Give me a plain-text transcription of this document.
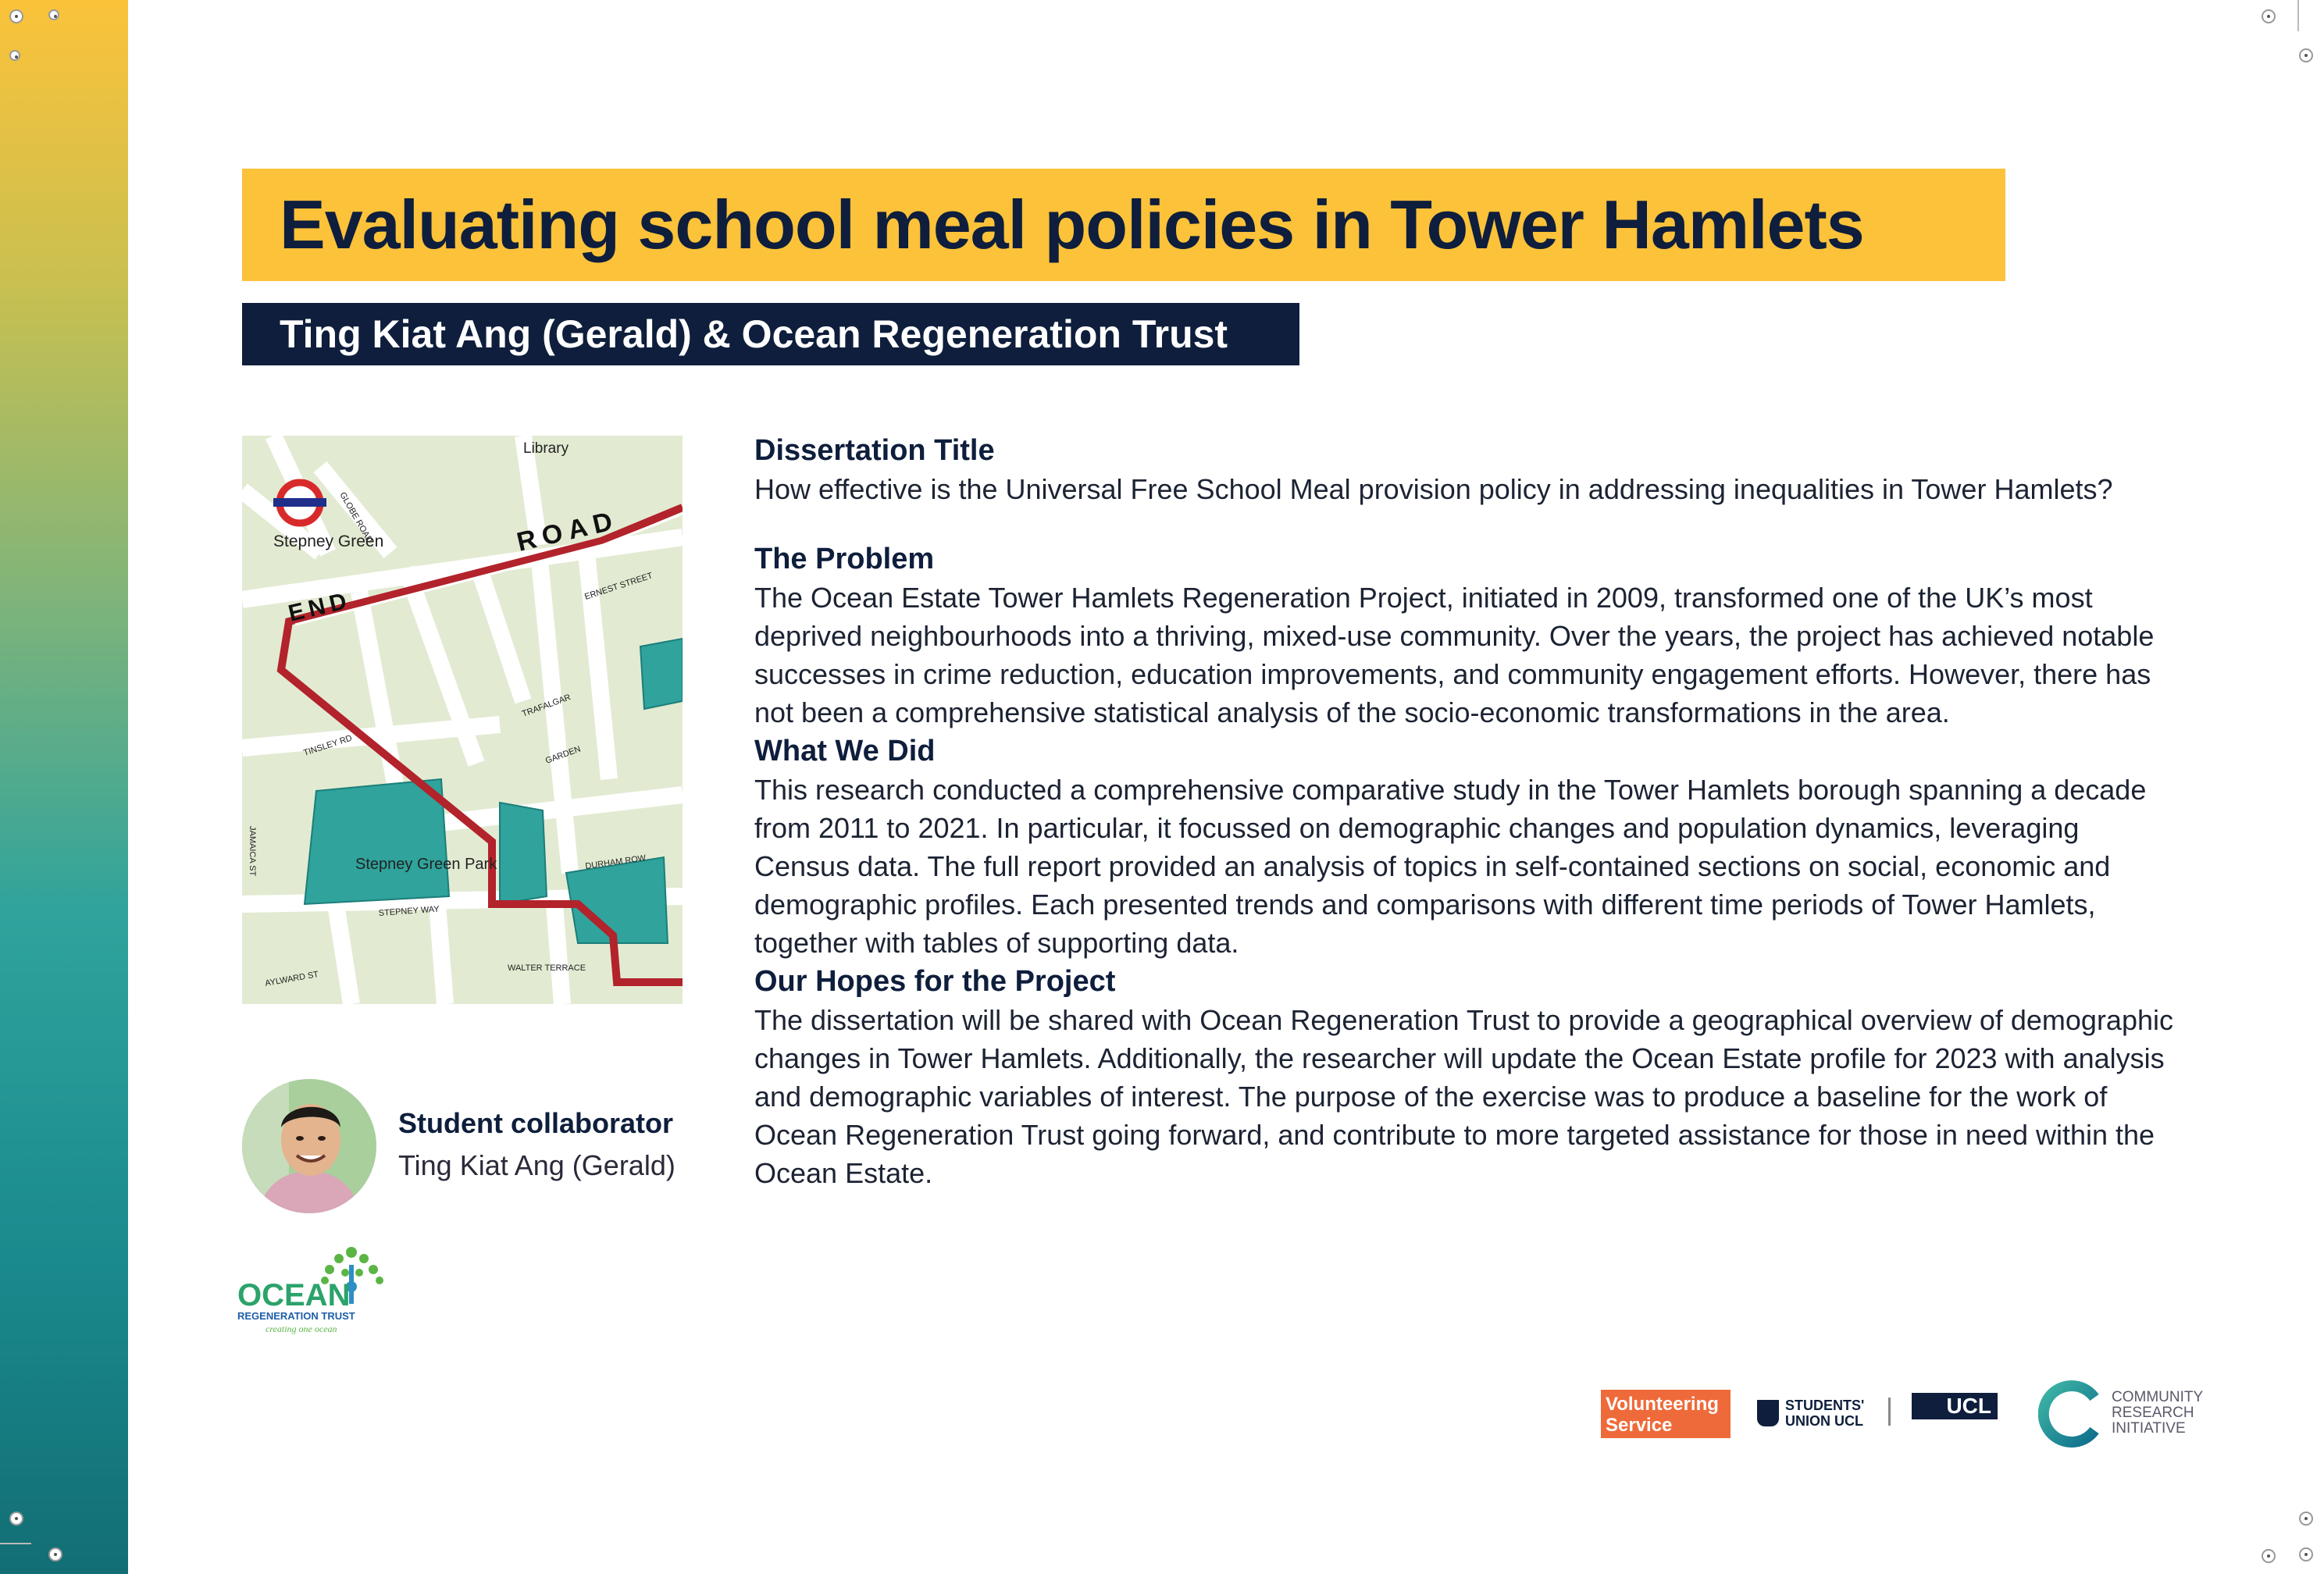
Evaluating school meal policies in Tower Hamlets
Ting Kiat Ang (Gerald) & Ocean Regeneration Trust
Library
Stepney Green
Stepney Green Park
ERNEST STREET
TRAFALGAR
GARDEN
DURHAM ROW
STEPNEY WAY
WALTER TERRACE
AYLWARD ST
JAMAICA ST
GLOBE ROAD
TINSLEY RD
ROAD
END
Student collaborator
Ting Kiat Ang (Gerald)
OCEAN
REGENERATION TRUST
creating one ocean
Dissertation Title

How effective is the Universal Free School Meal provision policy in addressing inequalities in Tower Hamlets?

The Problem

The Ocean Estate Tower Hamlets Regeneration Project, initiated in 2009, transformed one of the UK’s most deprived neighbourhoods into a thriving, mixed-use community. Over the years, the project has achieved notable successes in crime reduction, education improvements, and community engagement efforts. However, there has not been a comprehensive statistical analysis of the socio-economic transformations in the area.

What We Did

This research conducted a comprehensive comparative study in the Tower Hamlets borough spanning a decade from 2011 to 2021. In particular, it focussed on demographic changes and population dynamics, leveraging Census data. The full report provided an analysis of topics in self-contained sections on social, economic and demographic profiles. Each presented trends and comparisons with different time periods of Tower Hamlets, together with tables of supporting data.

Our Hopes for the Project

The dissertation will be shared with Ocean Regeneration Trust to provide a geographical overview of demographic changes in Tower Hamlets. Additionally, the researcher will update the Ocean Estate profile for 2023 with analysis and demographic variables of interest. The purpose of the exercise was to produce a baseline for the work of Ocean Regeneration Trust going forward, and contribute to more targeted assistance for those in need within the Ocean Estate.

Volunteering Service
STUDENTS'
UNION UCL
UCL	COMMUNITY
RESEARCH
INITIATIVE
